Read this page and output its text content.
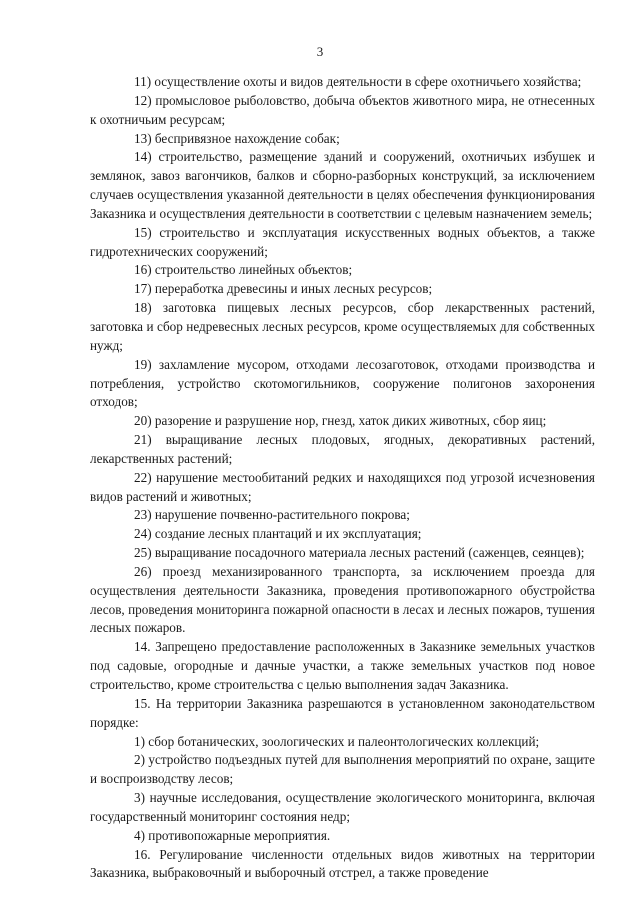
3

11) осуществление охоты и видов деятельности в сфере охотничьего хозяйства;

12) промысловое рыболовство, добыча объектов животного мира, не отнесенных к охотничьим ресурсам;

13) беспривязное нахождение собак;

14) строительство, размещение зданий и сооружений, охотничьих избушек и землянок, завоз вагончиков, балков и сборно-разборных конструкций, за исключением случаев осуществления указанной деятельности в целях обеспечения функционирования Заказника и осуществления деятельности в соответствии с целевым назначением земель;

15) строительство и эксплуатация искусственных водных объектов, а также гидротехнических сооружений;

16) строительство линейных объектов;

17) переработка древесины и иных лесных ресурсов;

18) заготовка пищевых лесных ресурсов, сбор лекарственных растений, заготовка и сбор недревесных лесных ресурсов, кроме осуществляемых для собственных нужд;

19) захламление мусором, отходами лесозаготовок, отходами производства и потребления, устройство скотомогильников, сооружение полигонов захоронения отходов;

20) разорение и разрушение нор, гнезд, хаток диких животных, сбор яиц;

21) выращивание лесных плодовых, ягодных, декоративных растений, лекарственных растений;

22) нарушение местообитаний редких и находящихся под угрозой исчезновения видов растений и животных;

23) нарушение почвенно-растительного покрова;

24) создание лесных плантаций и их эксплуатация;

25) выращивание посадочного материала лесных растений (саженцев, сеянцев);

26) проезд механизированного транспорта, за исключением проезда для осуществления деятельности Заказника, проведения противопожарного обустройства лесов, проведения мониторинга пожарной опасности в лесах и лесных пожаров, тушения лесных пожаров.

14. Запрещено предоставление расположенных в Заказнике земельных участков под садовые, огородные и дачные участки, а также земельных участков под новое строительство, кроме строительства с целью выполнения задач Заказника.

15. На территории Заказника разрешаются в установленном законодательством порядке:

1) сбор ботанических, зоологических и палеонтологических коллекций;

2) устройство подъездных путей для выполнения мероприятий по охране, защите и воспроизводству лесов;

3) научные исследования, осуществление экологического мониторинга, включая государственный мониторинг состояния недр;

4) противопожарные мероприятия.

16. Регулирование численности отдельных видов животных на территории Заказника, выбраковочный и выборочный отстрел, а также проведение
